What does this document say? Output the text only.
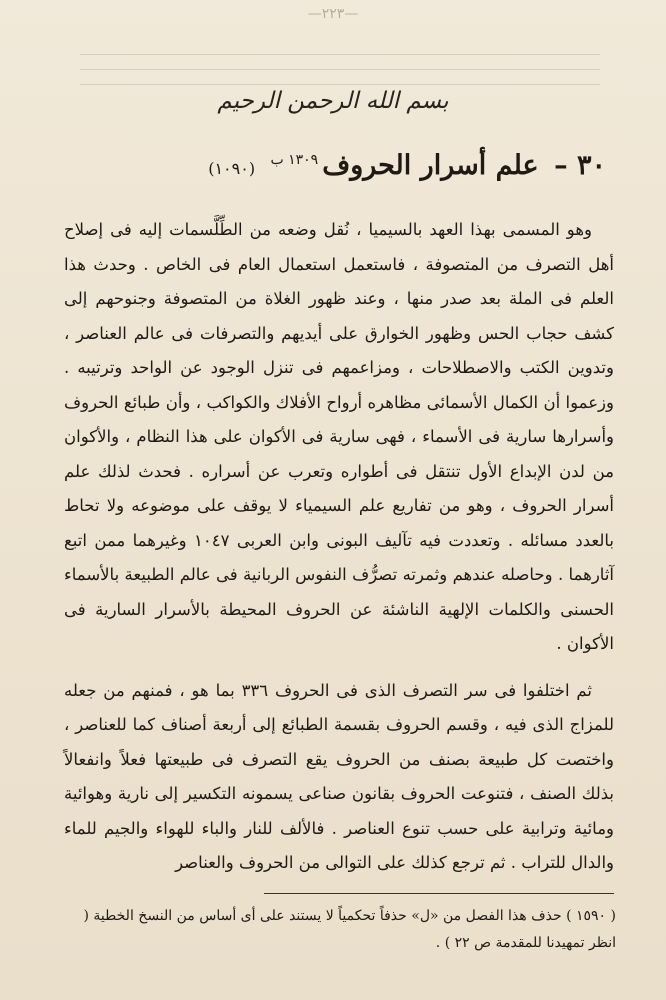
—٢٢٣—
بسم الله الرحمن الرحيم
٣٠ – علم أسرار الحروف$^{١٣٠٩ ب}$ (١٠٩٠)

وهو المسمى بهذا العهد بالسيميا ، نُقل وضعه من الطِّلَّسمات إليه فى إصلاح أهل التصرف من المتصوفة ، فاستعمل استعمال العام فى الخاص . وحدث هذا العلم فى الملة بعد صدر منها ، وعند ظهور الغلاة من المتصوفة وجنوحهم إلى كشف حجاب الحس وظهور الخوارق على أيديهم والتصرفات فى عالم العناصر ، وتدوين الكتب والاصطلاحات ، ومزاعمهم فى تنزل الوجود عن الواحد وترتيبه . وزعموا أن الكمال الأسمائى مظاهره أرواح الأفلاك والكواكب ، وأن طبائع الحروف وأسرارها سارية فى الأسماء ، فهى سارية فى الأكوان على هذا النظام ، والأكوان من لدن الإبداع الأول تنتقل فى أطواره وتعرب عن أسراره . فحدث لذلك علم أسرار الحروف ، وهو من تفاريع علم السيمياء لا يوقف على موضوعه ولا تحاط بالعدد مسائله . وتعددت فيه تآليف البونى وابن العربى ١٠٤٧ وغيرهما ممن اتبع آثارهما . وحاصله عندهم وثمرته تصرُّف النفوس الربانية فى عالم الطبيعة بالأسماء الحسنى والكلمات الإلهية الناشئة عن الحروف المحيطة بالأسرار السارية فى الأكوان .

ثم اختلفوا فى سر التصرف الذى فى الحروف ٣٣٦ بما هو ، فمنهم من جعله للمزاج الذى فيه ، وقسم الحروف بقسمة الطبائع إلى أربعة أصناف كما للعناصر ، واختصت كل طبيعة بصنف من الحروف يقع التصرف فى طبيعتها فعلاً وانفعالاً بذلك الصنف ، فتنوعت الحروف بقانون صناعى يسمونه التكسير إلى نارية وهوائية ومائية وترابية على حسب تنوع العناصر . فالألف للنار والباء للهواء والجيم للماء والدال للتراب . ثم ترجع كذلك على التوالى من الحروف والعناصر

( ١٥٩٠ ) حذف هذا الفصل من «ل» حذفاً تحكمياً لا يستند على أى أساس من النسخ الخطية ( انظر تمهيدنا للمقدمة ص ٢٢ ) .
